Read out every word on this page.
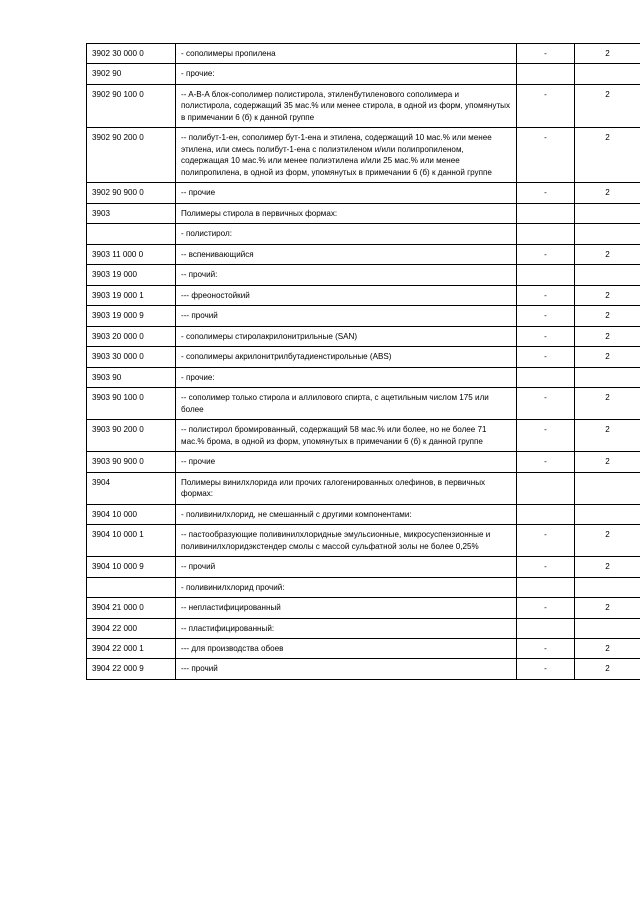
3902 30 000 0	- сополимеры пропилена	-	2	
3902 90	- прочие:			
3902 90 100 0	-- A-B-A блок-сополимер полистирола, этиленбутиленового сополимера и полистирола, содержащий 35 мас.% или менее стирола, в одной из форм, упомянутых в примечании 6 (б) к данной группе	-	2	
3902 90 200 0	-- полибут-1-ен, сополимер бут-1-ена и этилена, содержащий 10 мас.% или менее этилена, или смесь полибут-1-ена с полиэтиленом и/или полипропиленом, содержащая 10 мас.% или менее полиэтилена и/или 25 мас.% или менее полипропилена, в одной из форм, упомянутых в примечании 6 (б) к данной группе	-	2	
3902 90 900 0	-- прочие	-	2	
3903	Полимеры стирола в первичных формах:			
	- полистирол:			
3903 11 000 0	-- вспенивающийся	-	2	
3903 19 000	-- прочий:			
3903 19 000 1	--- фреоностойкий	-	2	
3903 19 000 9	--- прочий	-	2	
3903 20 000 0	- сополимеры стиролакрилонитрильные (SAN)	-	2	
3903 30 000 0	- сополимеры акрилонитрилбутадиенстирольные (ABS)	-	2	
3903 90	- прочие:			
3903 90 100 0	-- сополимер только стирола и аллилового спирта, с ацетильным числом 175 или более	-	2	
3903 90 200 0	-- полистирол бромированный, содержащий 58 мас.% или более, но не более 71 мас.% брома, в одной из форм, упомянутых в примечании 6 (б) к данной группе	-	2	
3903 90 900 0	-- прочие	-	2	
3904	Полимеры винилхлорида или прочих галогенированных олефинов, в первичных формах:			
3904 10 000	- поливинилхлорид, не смешанный с другими компонентами:			
3904 10 000 1	-- пастообразующие поливинилхлоридные эмульсионные, микросуспензионные и поливинилхлоридэкстендер смолы с массой сульфатной золы не более 0,25%	-	2	
3904 10 000 9	-- прочий	-	2	
	- поливинилхлорид прочий:			
3904 21 000 0	-- непластифицированный	-	2	
3904 22 000	-- пластифицированный:			
3904 22 000 1	--- для производства обоев	-	2	
3904 22 000 9	--- прочий	-	2	
